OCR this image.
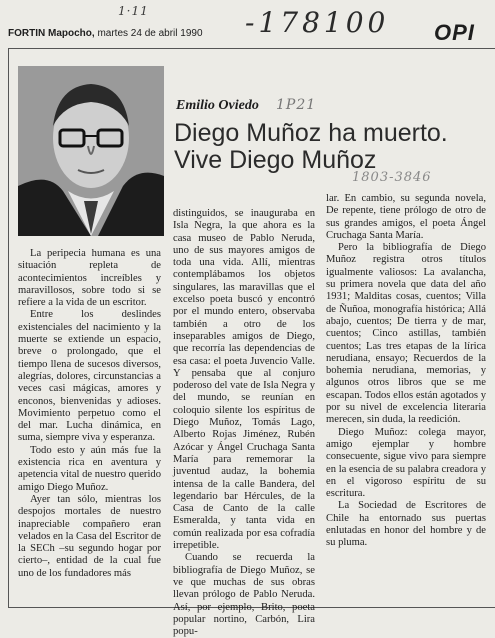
1·11	-178100
1P21
1803-3846
FORTIN Mapocho, martes 24 de abril 1990	OPI
Emilio Oviedo
Diego Muñoz ha muerto.
Vive Diego Muñoz

La peripecia humana es una situación repleta de acontecimientos increíbles y maravillosos, sobre todo si se refiere a la vida de un escritor.

Entre los deslindes existenciales del nacimiento y la muerte se extiende un espacio, breve o prolongado, que el tiempo llena de sucesos diversos, alegrías, dolores, circunstancias a veces casi mágicas, amores y enconos, bienvenidas y adioses. Movimiento perpetuo como el del mar. Lucha dinámica, en suma, siempre viva y esperanza.

Todo esto y aún más fue la existencia rica en aventura y apetencia vital de nuestro querido amigo Diego Muñoz.

Ayer tan sólo, mientras los despojos mortales de nuestro inapreciable compañero eran velados en la Casa del Escritor de la SECh –su segundo hogar por cierto–, entidad de la cual fue uno de los fundadores más

distinguidos, se inauguraba en Isla Negra, la que ahora es la casa museo de Pablo Neruda, uno de sus mayores amigos de toda una vida. Allí, mientras contemplábamos los objetos singulares, las maravillas que el excelso poeta buscó y encontró por el mundo entero, observaba también a otro de los inseparables amigos de Diego, que recorría las dependencias de esa casa: el poeta Juvencio Valle. Y pensaba que al conjuro poderoso del vate de Isla Negra y del mundo, se reunían en coloquio silente los espíritus de Diego Muñoz, Tomás Lago, Alberto Rojas Jiménez, Rubén Azócar y Ángel Cruchaga Santa María para rememorar la juventud audaz, la bohemia intensa de la calle Bandera, del legendario bar Hércules, de la Casa de Canto de la calle Esmeralda, y tanta vida en común realizada por esa cofradía irrepetible.

Cuando se recuerda la bibliografía de Diego Muñoz, se ve que muchas de sus obras llevan prólogo de Pablo Neruda. Así, por ejemplo, Brito, poeta popular nortino, Carbón, Lira popu-

lar. En cambio, su segunda novela, De repente, tiene prólogo de otro de sus grandes amigos, el poeta Ángel Cruchaga Santa María.

Pero la bibliografía de Diego Muñoz registra otros títulos igualmente valiosos: La avalancha, su primera novela que data del año 1931; Malditas cosas, cuentos; Villa de Ñuñoa, monografía histórica; Allá abajo, cuentos; De tierra y de mar, cuentos; Cinco astillas, también cuentos; Las tres etapas de la lírica nerudiana, ensayo; Recuerdos de la bohemia nerudiana, memorias, y algunos otros libros que se me escapan. Todos ellos están agotados y por su nivel de excelencia literaria merecen, sin duda, la reedición.

Diego Muñoz: colega mayor, amigo ejemplar y hombre consecuente, sigue vivo para siempre en la esencia de su palabra creadora y en el vigoroso espíritu de su escritura.

La Sociedad de Escritores de Chile ha entornado sus puertas enlutadas en honor del hombre y de su pluma.
